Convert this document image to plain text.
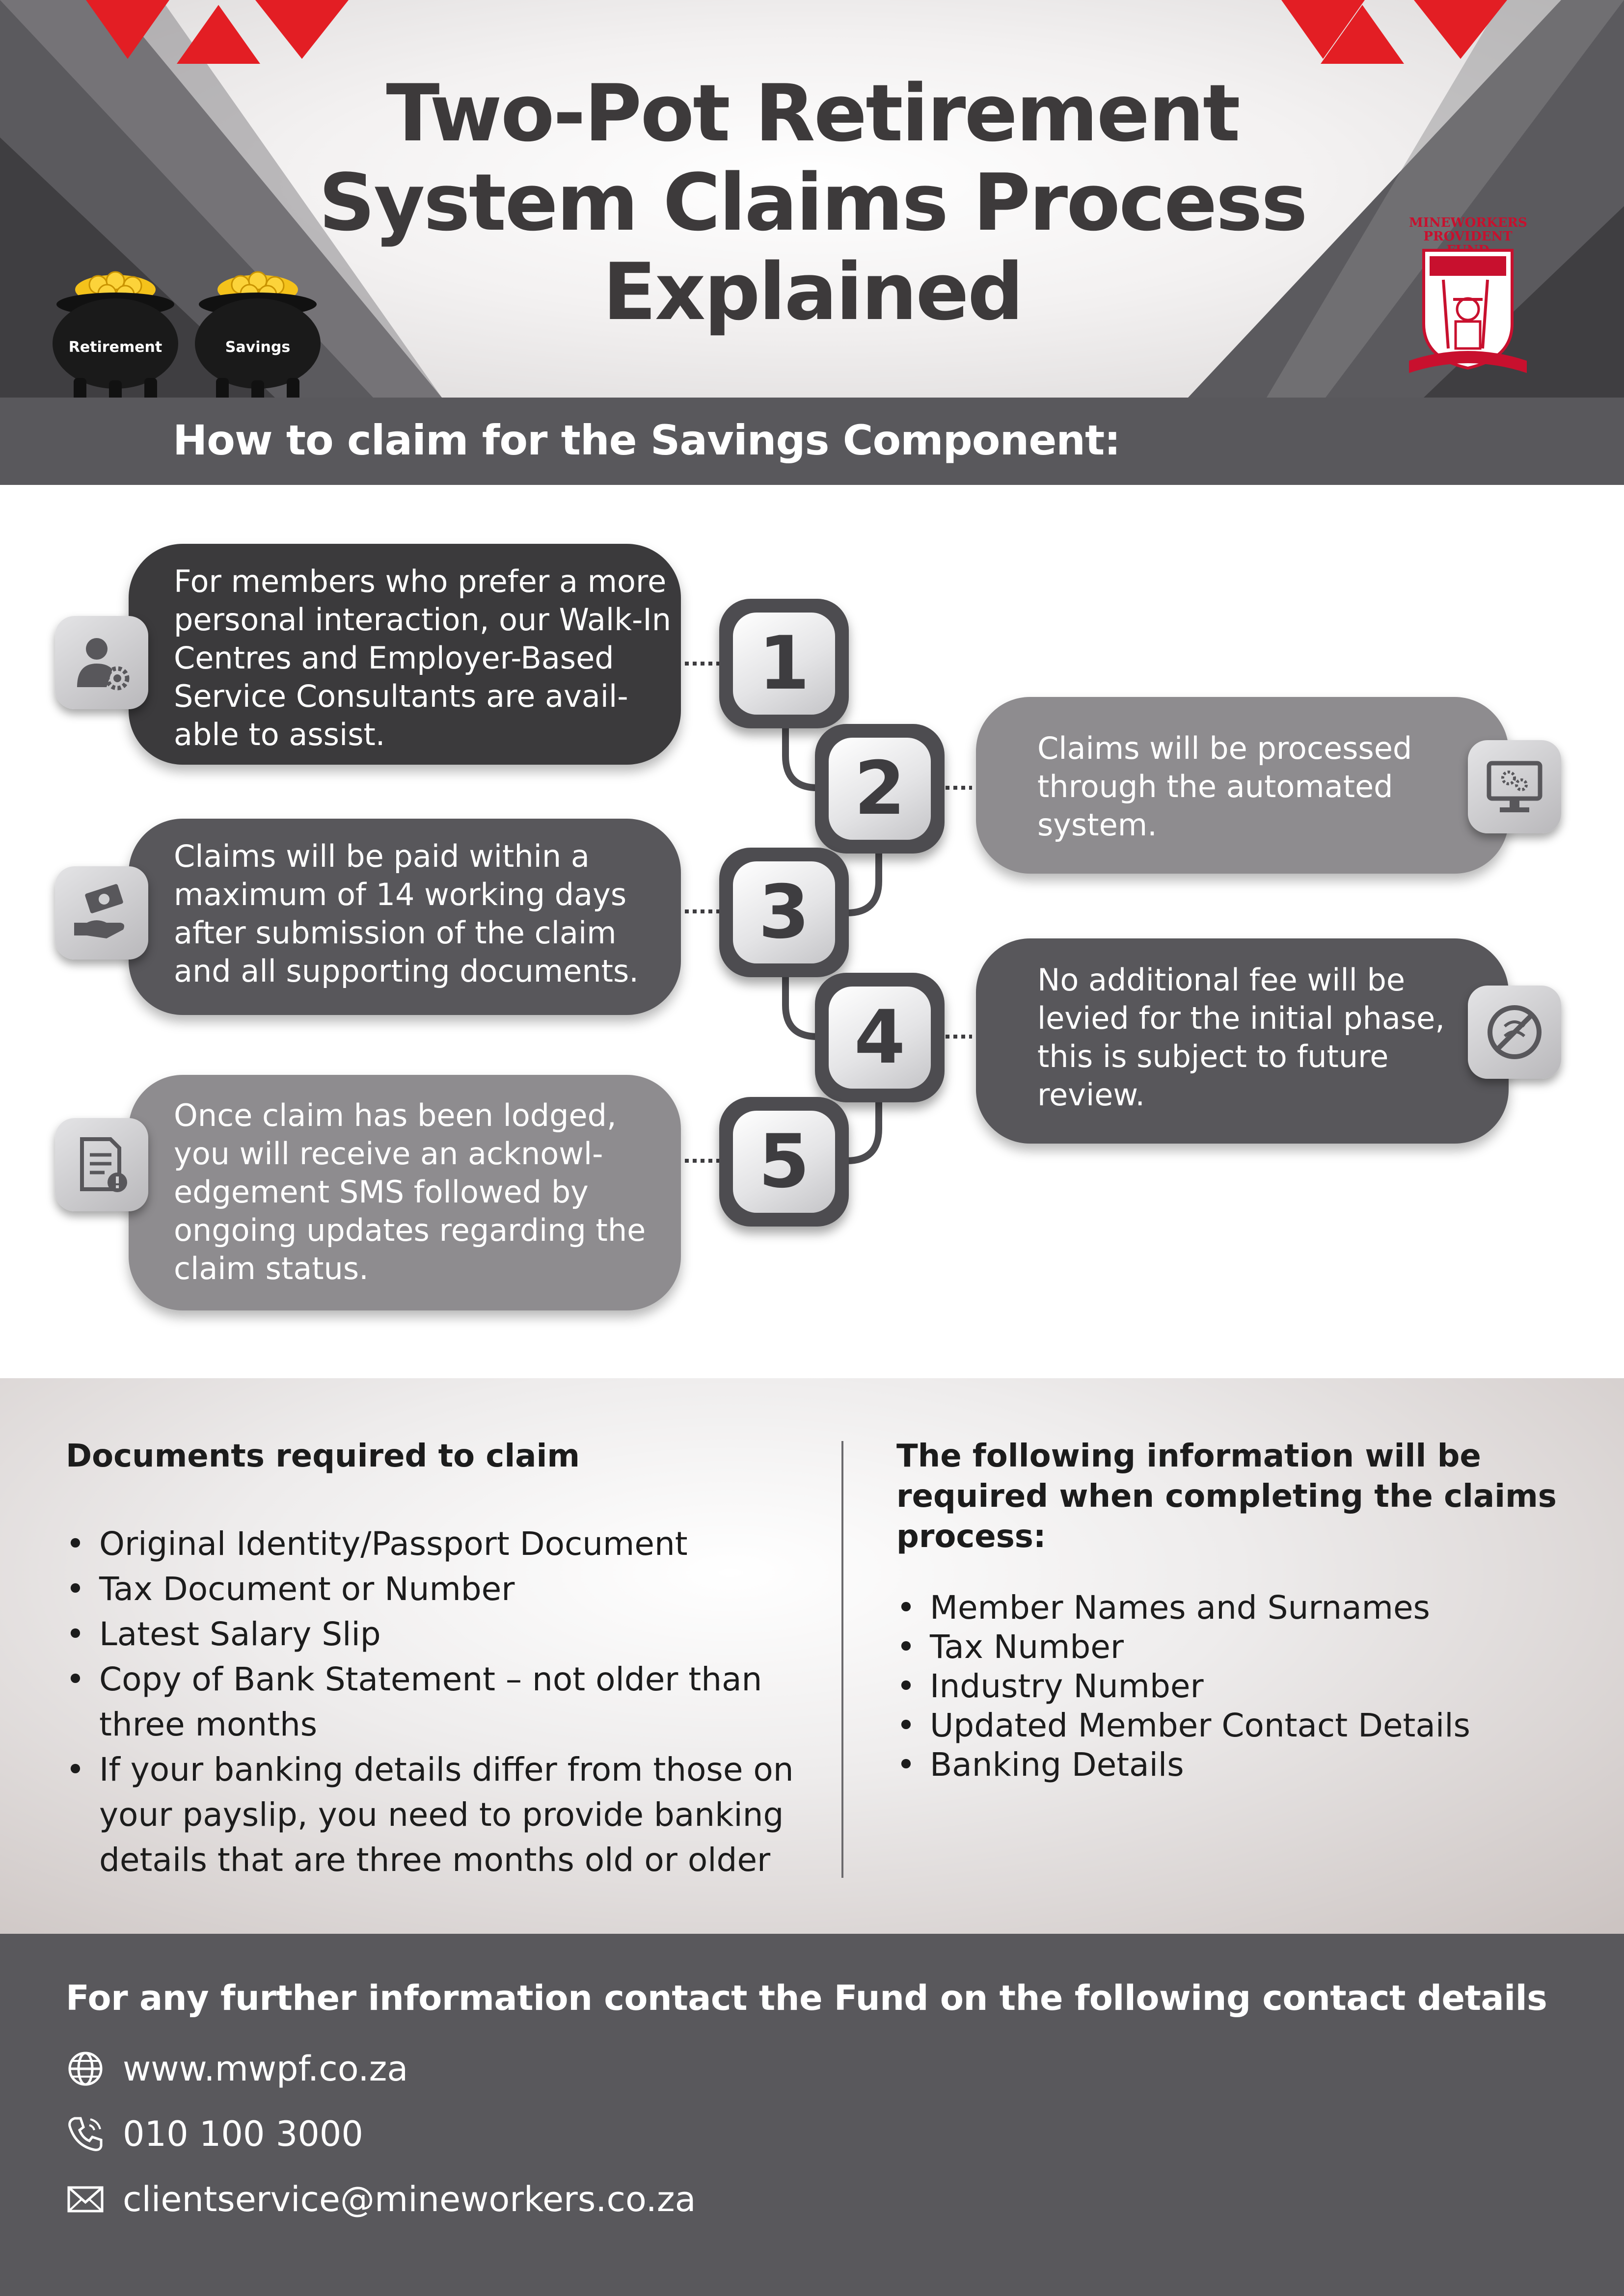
Two-Pot Retirement System Claims Process Explained
Retirement	Savings
MINEWORKERS PROVIDENT
How to claim for the Savings Component:

For members who prefer a more personal interaction, our Walk-In Centres and Employer-Based Service Consultants are avail-able to assist.

1

Claims will be processed through the automated system.

2

Claims will be paid within a maximum of 14 working days after submission of the claim and all supporting documents.

3

No additional fee will be levied for the initial phase, this is subject to future review.

4

Once claim has been lodged, you will receive an acknowl-edgement SMS followed by ongoing updates regarding the claim status.

5
Documents required to claim
• Original Identity/Passport Document
• Tax Document or Number
• Latest Salary Slip
• Copy of Bank Statement – not older than three months
• If your banking details differ from those on your payslip, you need to provide banking details that are three months old or older
The following information will be required when completing the claims process:
• Member Names and Surnames
• Tax Number
• Industry Number
• Updated Member Contact Details
• Banking Details
For any further information contact the Fund on the following contact details
www.mwpf.co.za
010 100 3000
clientservice@mineworkers.co.za
